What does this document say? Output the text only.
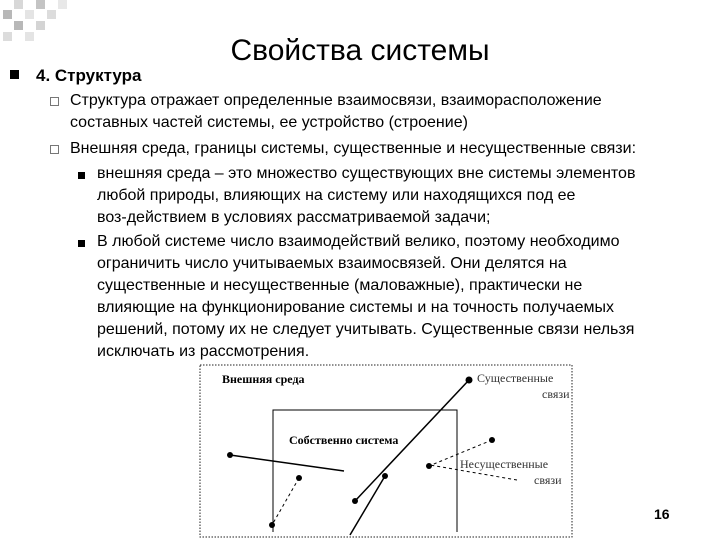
Свойства системы
4. Структура
Структура отражает определенные взаимосвязи, взаиморасположение
составных частей системы, ее устройство (строение)
Внешняя среда, границы системы, существенные и несущественные связи:
внешняя среда – это множество существующих вне системы элементов
любой природы, влияющих на систему или находящихся под ее
воз-действием в условиях рассматриваемой задачи;
В любой системе число взаимодействий велико, поэтому необходимо
ограничить число учитываемых взаимосвязей. Они делятся на
существенные и несущественные (маловажные), практически не
влияющие на функционирование системы и на точность получаемых
решений, потому их не следует учитывать. Существенные связи нельзя
исключать из рассмотрения.
Внешняя среда
Собственно система
Существенные
связи
Несущественные
связи
16
